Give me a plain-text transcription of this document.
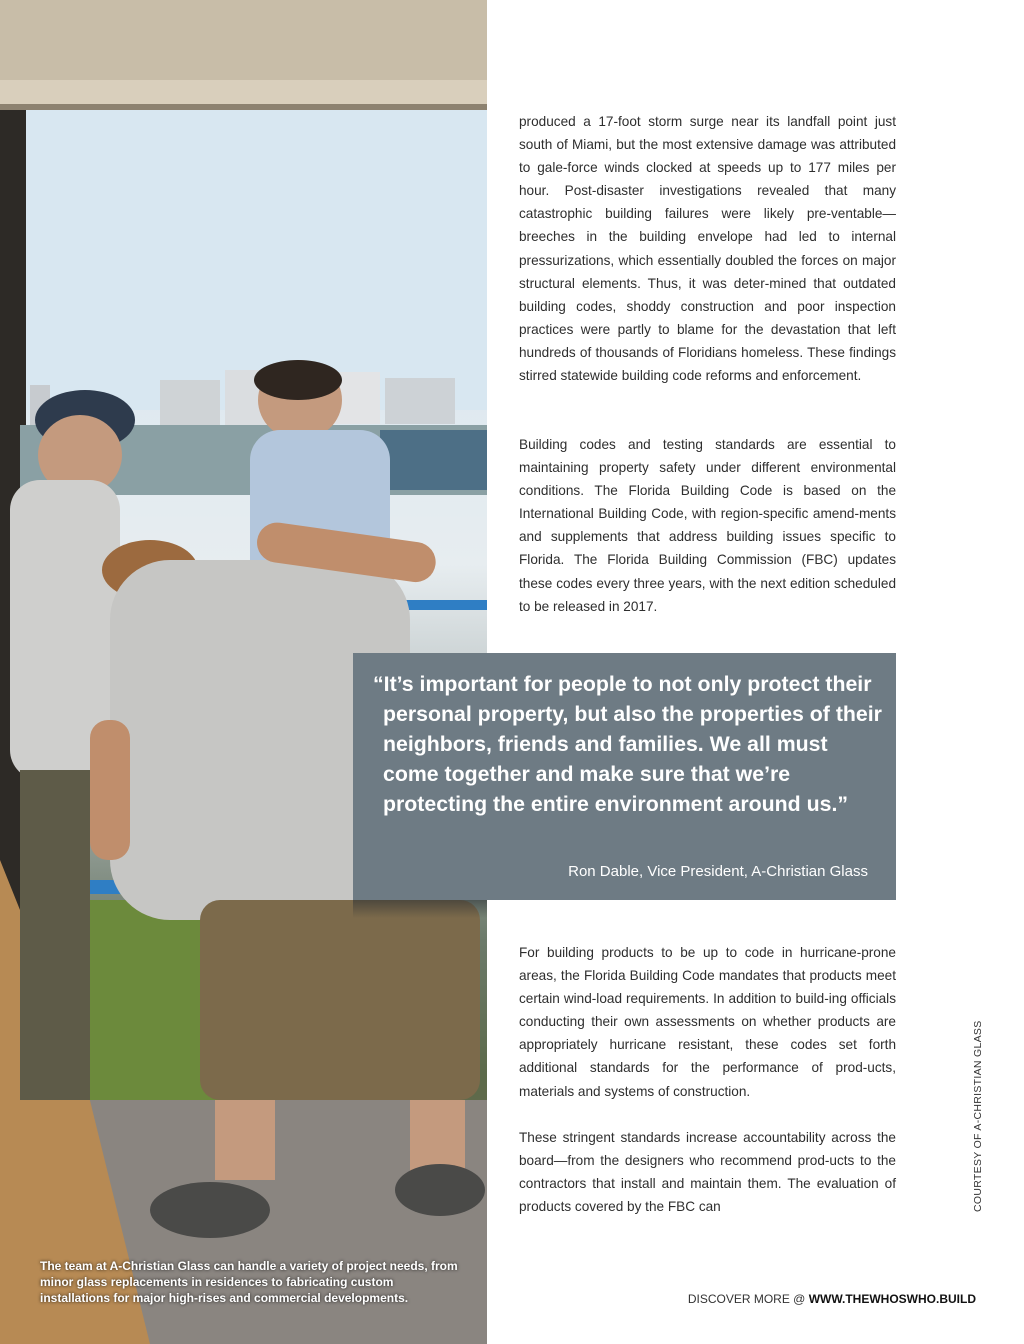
The team at A-Christian Glass can handle a variety of project needs, from minor glass replacements in residences to fabricating custom installations for major high-rises and commercial developments.
produced a 17-foot storm surge near its landfall point just south of Miami, but the most extensive damage was attributed to gale-force winds clocked at speeds up to 177 miles per hour. Post-disaster investigations revealed that many catastrophic building failures were likely pre-ventable—breeches in the building envelope had led to internal pressurizations, which essentially doubled the forces on major structural elements. Thus, it was deter-mined that outdated building codes, shoddy construction and poor inspection practices were partly to blame for the devastation that left hundreds of thousands of Floridians homeless. These findings stirred statewide building code reforms and enforcement.
Building codes and testing standards are essential to maintaining property safety under different environmental conditions. The Florida Building Code is based on the International Building Code, with region-specific amend-ments and supplements that address building issues specific to Florida. The Florida Building Commission (FBC) updates these codes every three years, with the next edition scheduled to be released in 2017.
“It’s important for people to not only protect their personal property, but also the properties of their neighbors, friends and families. We all must come together and make sure that we’re protecting the entire environment around us.”
Ron Dable, Vice President, A-Christian Glass
For building products to be up to code in hurricane-prone areas, the Florida Building Code mandates that products meet certain wind-load requirements. In addition to build-ing officials conducting their own assessments on whether products are appropriately hurricane resistant, these codes set forth additional standards for the performance of prod-ucts, materials and systems of construction.
These stringent standards increase accountability across the board—from the designers who recommend prod-ucts to the contractors that install and maintain them. The evaluation of products covered by the FBC can	COURTESY OF A-CHRISTIAN GLASS
DISCOVER MORE @ WWW.THEWHOSWHO.BUILD
